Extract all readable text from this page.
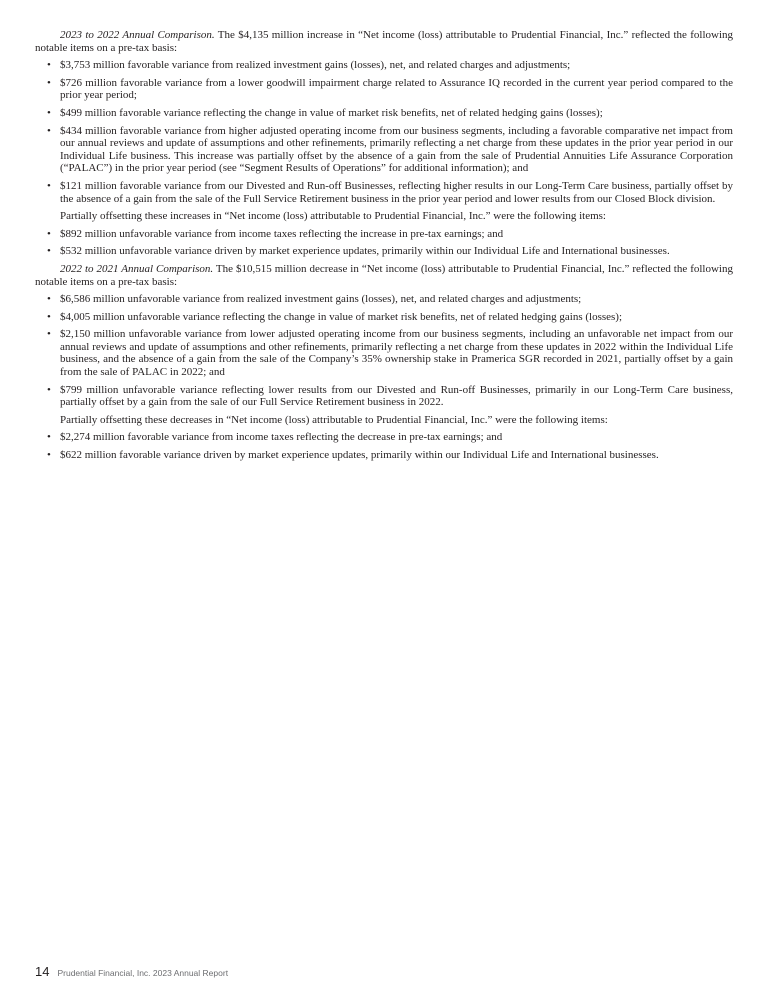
2023 to 2022 Annual Comparison. The $4,135 million increase in “Net income (loss) attributable to Prudential Financial, Inc.” reflected the following notable items on a pre-tax basis:

• $3,753 million favorable variance from realized investment gains (losses), net, and related charges and adjustments;
• $726 million favorable variance from a lower goodwill impairment charge related to Assurance IQ recorded in the current year period compared to the prior year period;
• $499 million favorable variance reflecting the change in value of market risk benefits, net of related hedging gains (losses);
• $434 million favorable variance from higher adjusted operating income from our business segments, including a favorable comparative net impact from our annual reviews and update of assumptions and other refinements, primarily reflecting a net charge from these updates in the prior year period in our Individual Life business. This increase was partially offset by the absence of a gain from the sale of Prudential Annuities Life Assurance Corporation (“PALAC”) in the prior year period (see “Segment Results of Operations” for additional information); and
• $121 million favorable variance from our Divested and Run-off Businesses, reflecting higher results in our Long-Term Care business, partially offset by the absence of a gain from the sale of the Full Service Retirement business in the prior year period and lower results from our Closed Block division.

Partially offsetting these increases in “Net income (loss) attributable to Prudential Financial, Inc.” were the following items:

• $892 million unfavorable variance from income taxes reflecting the increase in pre-tax earnings; and
• $532 million unfavorable variance driven by market experience updates, primarily within our Individual Life and International businesses.

2022 to 2021 Annual Comparison. The $10,515 million decrease in “Net income (loss) attributable to Prudential Financial, Inc.” reflected the following notable items on a pre-tax basis:

• $6,586 million unfavorable variance from realized investment gains (losses), net, and related charges and adjustments;
• $4,005 million unfavorable variance reflecting the change in value of market risk benefits, net of related hedging gains (losses);
• $2,150 million unfavorable variance from lower adjusted operating income from our business segments, including an unfavorable net impact from our annual reviews and update of assumptions and other refinements, primarily reflecting a net charge from these updates in 2022 within the Individual Life business, and the absence of a gain from the sale of the Company’s 35% ownership stake in Pramerica SGR recorded in 2021, partially offset by a gain from the sale of PALAC in 2022; and
• $799 million unfavorable variance reflecting lower results from our Divested and Run-off Businesses, primarily in our Long-Term Care business, partially offset by a gain from the sale of our Full Service Retirement business in 2022.

Partially offsetting these decreases in “Net income (loss) attributable to Prudential Financial, Inc.” were the following items:

• $2,274 million favorable variance from income taxes reflecting the decrease in pre-tax earnings; and
• $622 million favorable variance driven by market experience updates, primarily within our Individual Life and International businesses.
14 Prudential Financial, Inc. 2023 Annual Report
